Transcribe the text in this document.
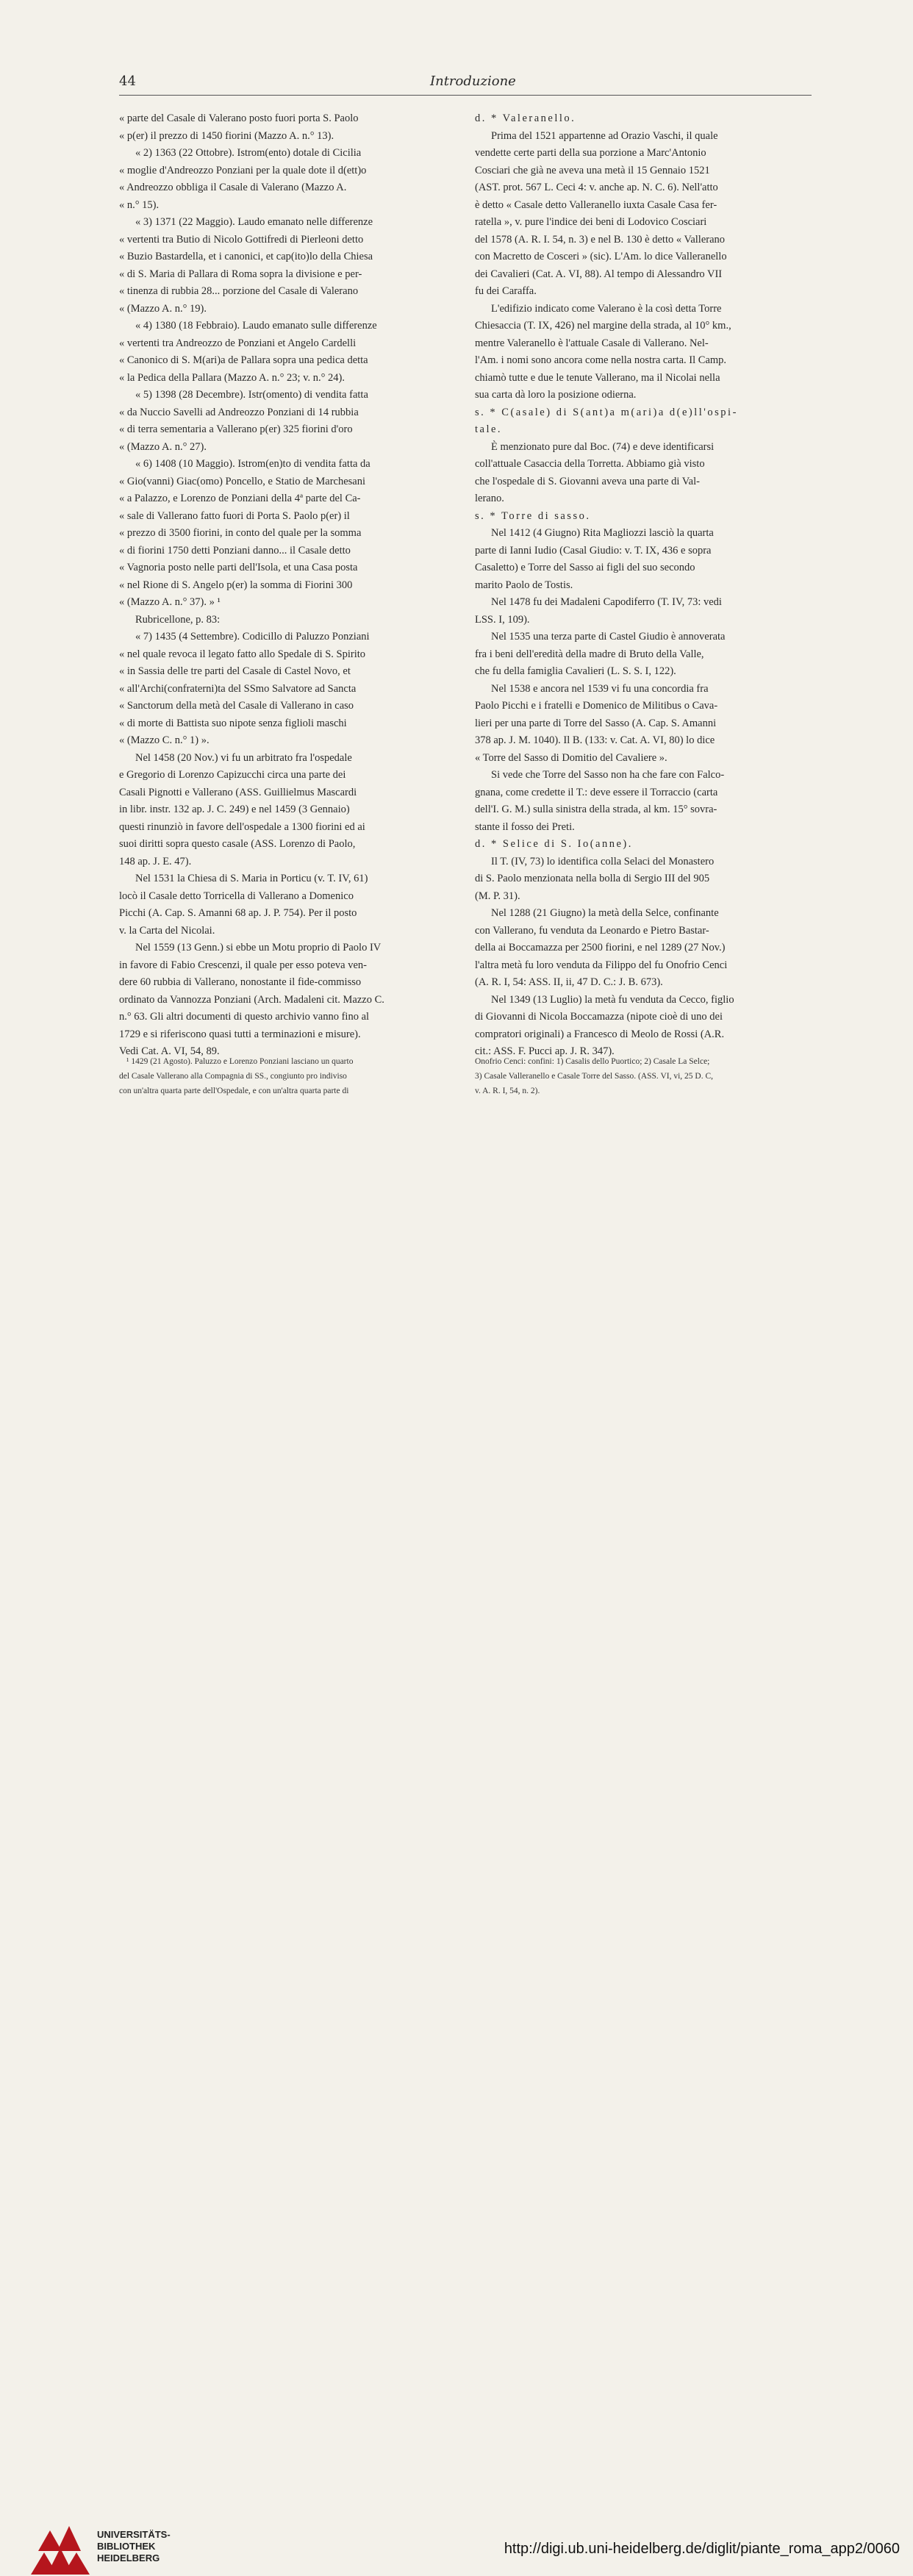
44	Introduzione
« parte del Casale di Valerano posto fuori porta S. Paolo
« p(er) il prezzo di 1450 fiorini (Mazzo A. n.° 13).
« 2) 1363 (22 Ottobre). Istrom(ento) dotale di Cicilia
« moglie d'Andreozzo Ponziani per la quale dote il d(ett)o
« Andreozzo obbliga il Casale di Valerano (Mazzo A.
« n.° 15).
« 3) 1371 (22 Maggio). Laudo emanato nelle differenze
« vertenti tra Butio di Nicolo Gottifredi di Pierleoni detto
« Buzio Bastardella, et i canonici, et cap(ito)lo della Chiesa
« di S. Maria di Pallara di Roma sopra la divisione e per-
« tinenza di rubbia 28... porzione del Casale di Valerano
« (Mazzo A. n.° 19).
« 4) 1380 (18 Febbraio). Laudo emanato sulle differenze
« vertenti tra Andreozzo de Ponziani et Angelo Cardelli
« Canonico di S. M(ari)a de Pallara sopra una pedica detta
« la Pedica della Pallara (Mazzo A. n.° 23; v. n.° 24).
« 5) 1398 (28 Decembre). Istr(omento) di vendita fatta
« da Nuccio Savelli ad Andreozzo Ponziani di 14 rubbia
« di terra sementaria a Vallerano p(er) 325 fiorini d'oro
« (Mazzo A. n.° 27).
« 6) 1408 (10 Maggio). Istrom(en)to di vendita fatta da
« Gio(vanni) Giac(omo) Poncello, e Statio de Marchesani
« a Palazzo, e Lorenzo de Ponziani della 4ª parte del Ca-
« sale di Vallerano fatto fuori di Porta S. Paolo p(er) il
« prezzo di 3500 fiorini, in conto del quale per la somma
« di fiorini 1750 detti Ponziani danno... il Casale detto
« Vagnoria posto nelle parti dell'Isola, et una Casa posta
« nel Rione di S. Angelo p(er) la somma di Fiorini 300
« (Mazzo A. n.° 37). » ¹
Rubricellone, p. 83:
« 7) 1435 (4 Settembre). Codicillo di Paluzzo Ponziani
« nel quale revoca il legato fatto allo Spedale di S. Spirito
« in Sassia delle tre parti del Casale di Castel Novo, et
« all'Archi(confraterni)ta del SSmo Salvatore ad Sancta
« Sanctorum della metà del Casale di Vallerano in caso
« di morte di Battista suo nipote senza figlioli maschi
« (Mazzo C. n.° 1) ».
Nel 1458 (20 Nov.) vi fu un arbitrato fra l'ospedale
e Gregorio di Lorenzo Capizucchi circa una parte dei
Casali Pignotti e Vallerano (ASS. Guillielmus Mascardi
in libr. instr. 132 ap. J. C. 249) e nel 1459 (3 Gennaio)
questi rinunziò in favore dell'ospedale a 1300 fiorini ed ai
suoi diritti sopra questo casale (ASS. Lorenzo di Paolo,
148 ap. J. E. 47).
Nel 1531 la Chiesa di S. Maria in Porticu (v. T. IV, 61)
locò il Casale detto Torricella di Vallerano a Domenico
Picchi (A. Cap. S. Amanni 68 ap. J. P. 754). Per il posto
v. la Carta del Nicolai.
Nel 1559 (13 Genn.) si ebbe un Motu proprio di Paolo IV
in favore di Fabio Crescenzi, il quale per esso poteva ven-
dere 60 rubbia di Vallerano, nonostante il fide-commisso
ordinato da Vannozza Ponziani (Arch. Madaleni cit. Mazzo C.
n.° 63. Gli altri documenti di questo archivio vanno fino al
1729 e si riferiscono quasi tutti a terminazioni e misure).
Vedi Cat. A. VI, 54, 89.
d. * Valeranello.
Prima del 1521 appartenne ad Orazio Vaschi, il quale
vendette certe parti della sua porzione a Marc'Antonio
Cosciari che già ne aveva una metà il 15 Gennaio 1521
(AST. prot. 567 L. Ceci 4: v. anche ap. N. C. 6). Nell'atto
è detto « Casale detto Valleranello iuxta Casale Casa fer-
ratella », v. pure l'indice dei beni di Lodovico Cosciari
del 1578 (A. R. I. 54, n. 3) e nel B. 130 è detto « Vallerano
con Macretto de Cosceri » (sic). L'Am. lo dice Valleranello
dei Cavalieri (Cat. A. VI, 88). Al tempo di Alessandro VII
fu dei Caraffa.
L'edifizio indicato come Valerano è la così detta Torre
Chiesaccia (T. IX, 426) nel margine della strada, al 10° km.,
mentre Valeranello è l'attuale Casale di Vallerano. Nel-
l'Am. i nomi sono ancora come nella nostra carta. Il Camp.
chiamò tutte e due le tenute Vallerano, ma il Nicolai nella
sua carta dà loro la posizione odierna.
s. * C(asale) di S(ant)a m(ari)a d(e)ll'ospi-
tale.
È menzionato pure dal Boc. (74) e deve identificarsi
coll'attuale Casaccia della Torretta. Abbiamo già visto
che l'ospedale di S. Giovanni aveva una parte di Val-
lerano.
s. * Torre di sasso.
Nel 1412 (4 Giugno) Rita Magliozzi lasciò la quarta
parte di Ianni Iudio (Casal Giudio: v. T. IX, 436 e sopra
Casaletto) e Torre del Sasso ai figli del suo secondo
marito Paolo de Tostis.
Nel 1478 fu dei Madaleni Capodiferro (T. IV, 73: vedi
LSS. I, 109).
Nel 1535 una terza parte di Castel Giudio è annoverata
fra i beni dell'eredità della madre di Bruto della Valle,
che fu della famiglia Cavalieri (L. S. S. I, 122).
Nel 1538 e ancora nel 1539 vi fu una concordia fra
Paolo Picchi e i fratelli e Domenico de Militibus o Cava-
lieri per una parte di Torre del Sasso (A. Cap. S. Amanni
378 ap. J. M. 1040). Il B. (133: v. Cat. A. VI, 80) lo dice
« Torre del Sasso di Domitio del Cavaliere ».
Si vede che Torre del Sasso non ha che fare con Falco-
gnana, come credette il T.: deve essere il Torraccio (carta
dell'I. G. M.) sulla sinistra della strada, al km. 15° sovra-
stante il fosso dei Preti.
d. * Selice di S. Io(anne).
Il T. (IV, 73) lo identifica colla Selaci del Monastero
di S. Paolo menzionata nella bolla di Sergio III del 905
(M. P. 31).
Nel 1288 (21 Giugno) la metà della Selce, confinante
con Vallerano, fu venduta da Leonardo e Pietro Bastar-
della ai Boccamazza per 2500 fiorini, e nel 1289 (27 Nov.)
l'altra metà fu loro venduta da Filippo del fu Onofrio Cenci
(A. R. I, 54: ASS. II, ii, 47 D. C.: J. B. 673).
Nel 1349 (13 Luglio) la metà fu venduta da Cecco, figlio
di Giovanni di Nicola Boccamazza (nipote cioè di uno dei
compratori originali) a Francesco di Meolo de Rossi (A.R.
cit.: ASS. F. Pucci ap. J. R. 347).
¹ 1429 (21 Agosto). Paluzzo e Lorenzo Ponziani lasciano un quarto
del Casale Vallerano alla Compagnia di SS., congiunto pro indiviso
con un'altra quarta parte dell'Ospedale, e con un'altra quarta parte di
Onofrio Cenci: confini: 1) Casalis dello Puortico; 2) Casale La Selce;
3) Casale Valleranello e Casale Torre del Sasso. (ASS. VI, vi, 25 D. C,
v. A. R. I, 54, n. 2).
UNIVERSITÄTS-
BIBLIOTHEK
HEIDELBERG
http://digi.ub.uni-heidelberg.de/diglit/piante_roma_app2/0060
